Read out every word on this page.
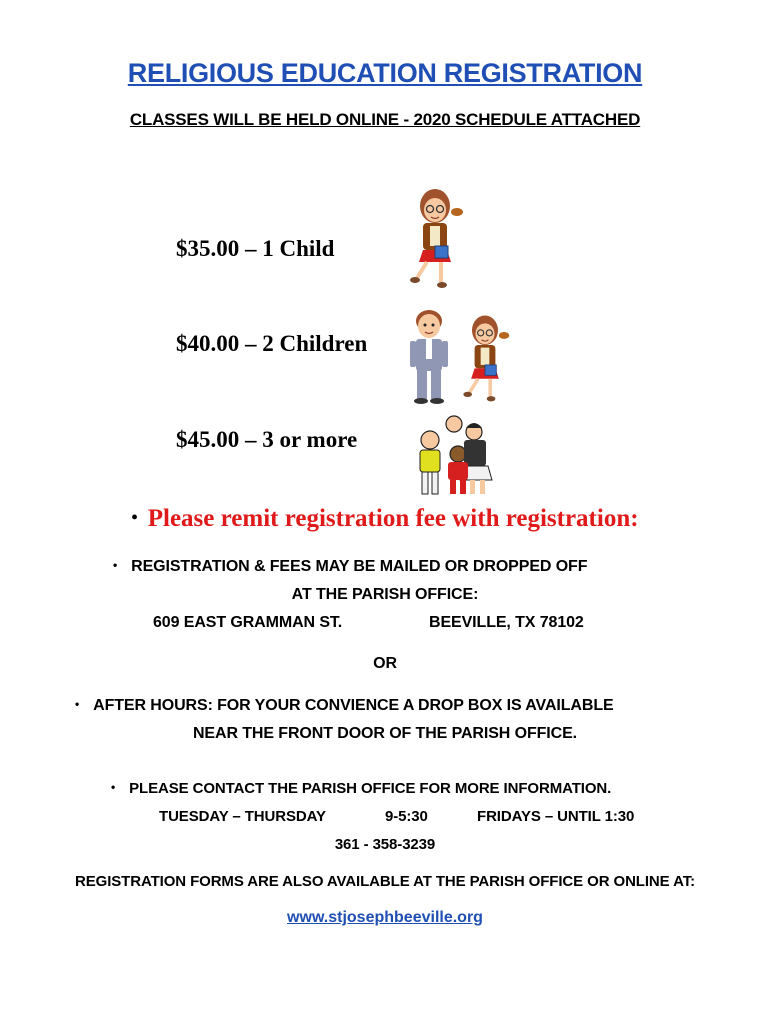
RELIGIOUS EDUCATION REGISTRATION
CLASSES WILL BE HELD ONLINE - 2020 SCHEDULE ATTACHED
$35.00 – 1 Child
$40.00 – 2 Children
$45.00 – 3 or more
• Please remit registration fee with registration:
• REGISTRATION & FEES MAY BE MAILED OR DROPPED OFF
AT THE PARISH OFFICE:
609 EAST GRAMMAN ST.	BEEVILLE, TX 78102
OR
• AFTER HOURS: FOR YOUR CONVIENCE A DROP BOX IS AVAILABLE
NEAR THE FRONT DOOR OF THE PARISH OFFICE.
• PLEASE CONTACT THE PARISH OFFICE FOR MORE INFORMATION.
TUESDAY – THURSDAY	9-5:30	FRIDAYS – UNTIL 1:30
361 - 358-3239
REGISTRATION FORMS ARE ALSO AVAILABLE AT THE PARISH OFFICE OR ONLINE AT:
www.stjosephbeeville.org
